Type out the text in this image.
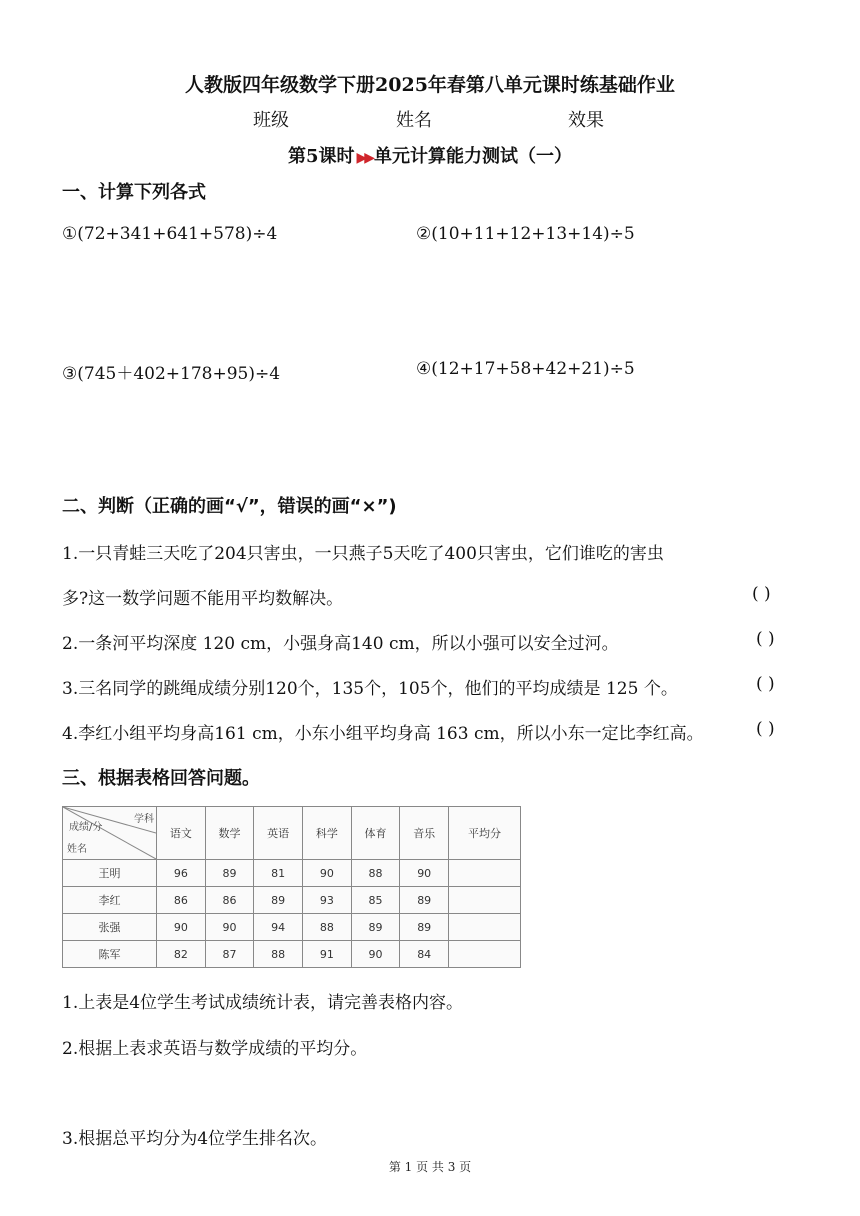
人教版四年级数学下册2025年春第八单元课时练基础作业
班级	姓名	效果
第5课时 ▶▶ 单元计算能力测试（一）
一、计算下列各式
①(72+341+641+578)÷4	②(10+11+12+13+14)÷5
③(745＋402+178+95)÷4	④(12+17+58+42+21)÷5
二、判断（正确的画“√”，错误的画“×”)
1.一只青蛙三天吃了204只害虫，一只燕子5天吃了400只害虫，它们谁吃的害虫
多?这一数学问题不能用平均数解决。	( )
2.一条河平均深度 120 cm，小强身高140 cm，所以小强可以安全过河。	( )
3.三名同学的跳绳成绩分别120个，135个，105个，他们的平均成绩是 125 个。	( )
4.李红小组平均身高161 cm，小东小组平均身高 163 cm，所以小东一定比李红高。	( )
三、根据表格回答问题。
学科
成绩/分
姓名	语文	数学	英语	科学	体育	音乐	平均分
王明	96	89	81	90	88	90	
李红	86	86	89	93	85	89	
张强	90	90	94	88	89	89	
陈军	82	87	88	91	90	84	
1.上表是4位学生考试成绩统计表，请完善表格内容。
2.根据上表求英语与数学成绩的平均分。
3.根据总平均分为4位学生排名次。
第 1 页 共 3 页
